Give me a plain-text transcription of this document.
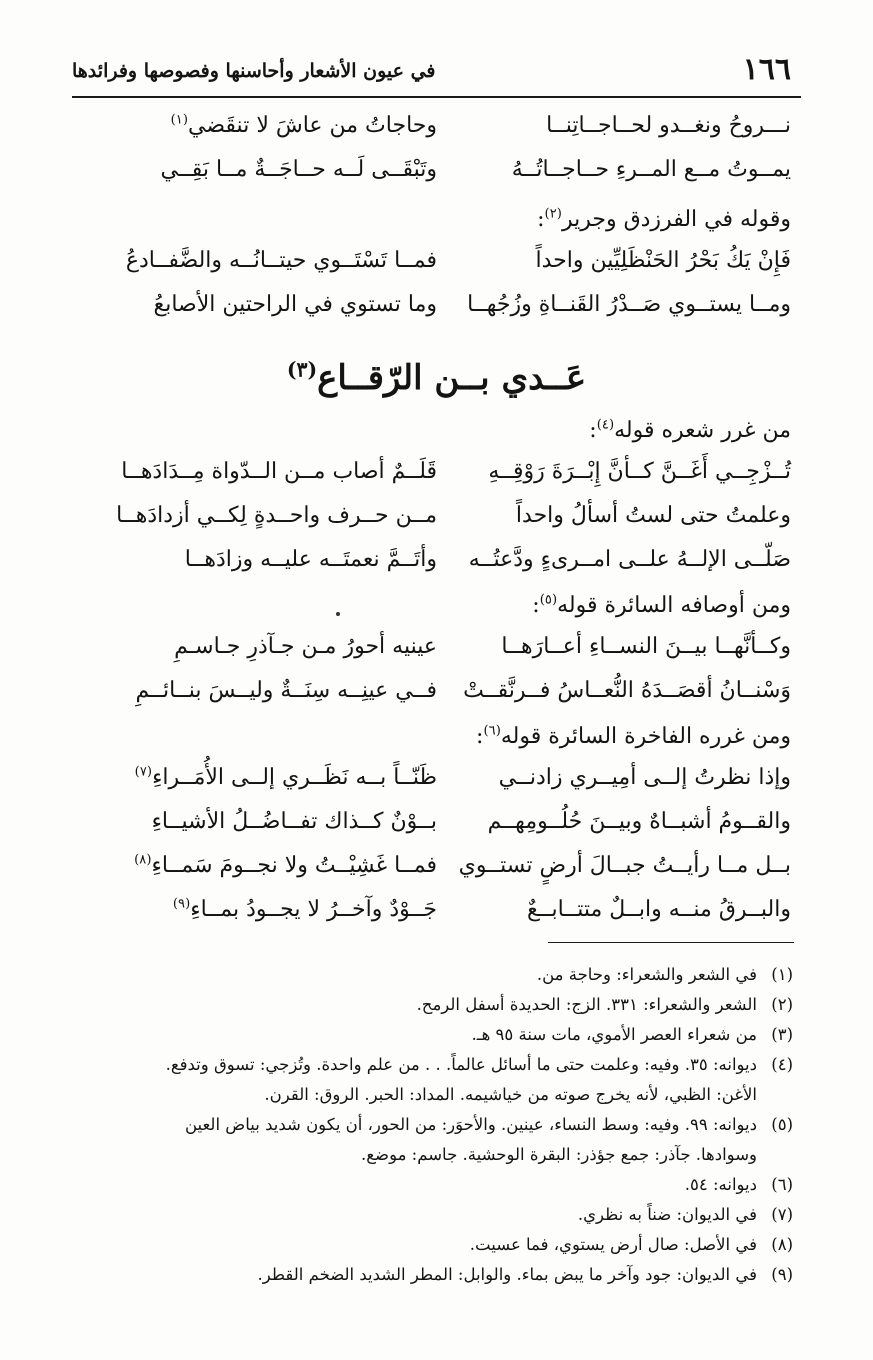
١٦٦
في عيون الأشعار وأحاسنها وفصوصها وفرائدها
نـــروحُ ونغــدو لحــاجــاتِنــا
وحاجاتُ من عاشَ لا تنقَضي$^{(١)}$
يمــوتُ مــع المــرءِ حــاجــاتُــهُ
وتَبْقَــى لَــه حــاجَــةٌ مــا بَقِــي
وقوله في الفرزدق وجرير$^{(٢)}$:
فَإِنْ يَكُ بَحْرُ الحَنْظَلِيِّين واحداً
فمــا تَسْتَــوي حيتــانُــه والضَّفــادعُ
ومــا يستــوي صَــدْرُ القَنــاةِ وزُجُهــا
وما تستوي في الراحتين الأصابعُ
عَــدي بــن الرّقــاع$^{(٣)}$
من غرر شعره قوله$^{(٤)}$:
تُــزْجِــي أَغَــنَّ كــأنَّ إِبْــرَةَ رَوْقِــهِ
قَلَــمٌ أصاب مــن الــدّواة مِــدَادَهــا
وعلمتُ حتى لستُ أسألُ واحداً
مــن حــرف واحــدةٍ لِكــي أزدادَهــا
صَلّــى الإلــهُ علــى امــرىءٍ ودَّعتُــه
وأتَــمَّ نعمتَــه عليــه وزادَهــا
ومن أوصافه السائرة قوله$^{(٥)}$:
وكــأنَّهــا بيــنَ النســاءِ أعــارَهــا
عينيه أحورُ مـن جـآذرِ جـاسـمِ
وَسْنــانُ أقصَــدَهُ النُّعــاسُ فــرنَّقــتْ
فــي عينِــه سِنَــةٌ وليــسَ بنــائــمِ
ومن غرره الفاخرة السائرة قوله$^{(٦)}$:
وإذا نظرتُ إلــى أمِيــري زادنــي
ظَنّــاً بــه نَظَــري إلــى الأُمَــراءِ$^{(٧)}$
والقــومُ أشبــاهٌ وبيــنَ حُلُــومِهــم
بــوْنٌ كــذاك تفــاضُــلُ الأشيــاءِ
بــل مــا رأيــتُ جبــالَ أرضٍ تستــوي
فمــا غَشِيْــتُ ولا نجــومَ سَمــاءِ$^{(٨)}$
والبــرقُ منــه وابــلٌ متتــابــعٌ
جَــوْدٌ وآخــرُ لا يجــودُ بمــاءِ$^{(٩)}$
(١)
في الشعر والشعراء: وحاجة من.
(٢)
الشعر والشعراء: ٣٣١. الزج: الحديدة أسفل الرمح.
(٣)
من شعراء العصر الأموي، مات سنة ٩٥ هـ.
(٤)
ديوانه: ٣٥. وفيه: وعلمت حتى ما أسائل عالماً. . . من علم واحدة. وتُزجي: تسوق وتدفع.
الأغن: الظبي، لأنه يخرج صوته من خياشيمه. المداد: الحبر. الروق: القرن.
(٥)
ديوانه: ٩٩. وفيه: وسط النساء، عينين. والأحوَر: من الحور، أن يكون شديد بياض العين
وسوادها. جآذر: جمع جؤذر: البقرة الوحشية. جاسم: موضع.
(٦)
ديوانه: ٥٤.
(٧)
في الديوان: ضناً به نظري.
(٨)
في الأصل: صال أرض يستوي، فما عسيت.
(٩)
في الديوان: جود وآخر ما يبض بماء. والوابل: المطر الشديد الضخم القطر.
